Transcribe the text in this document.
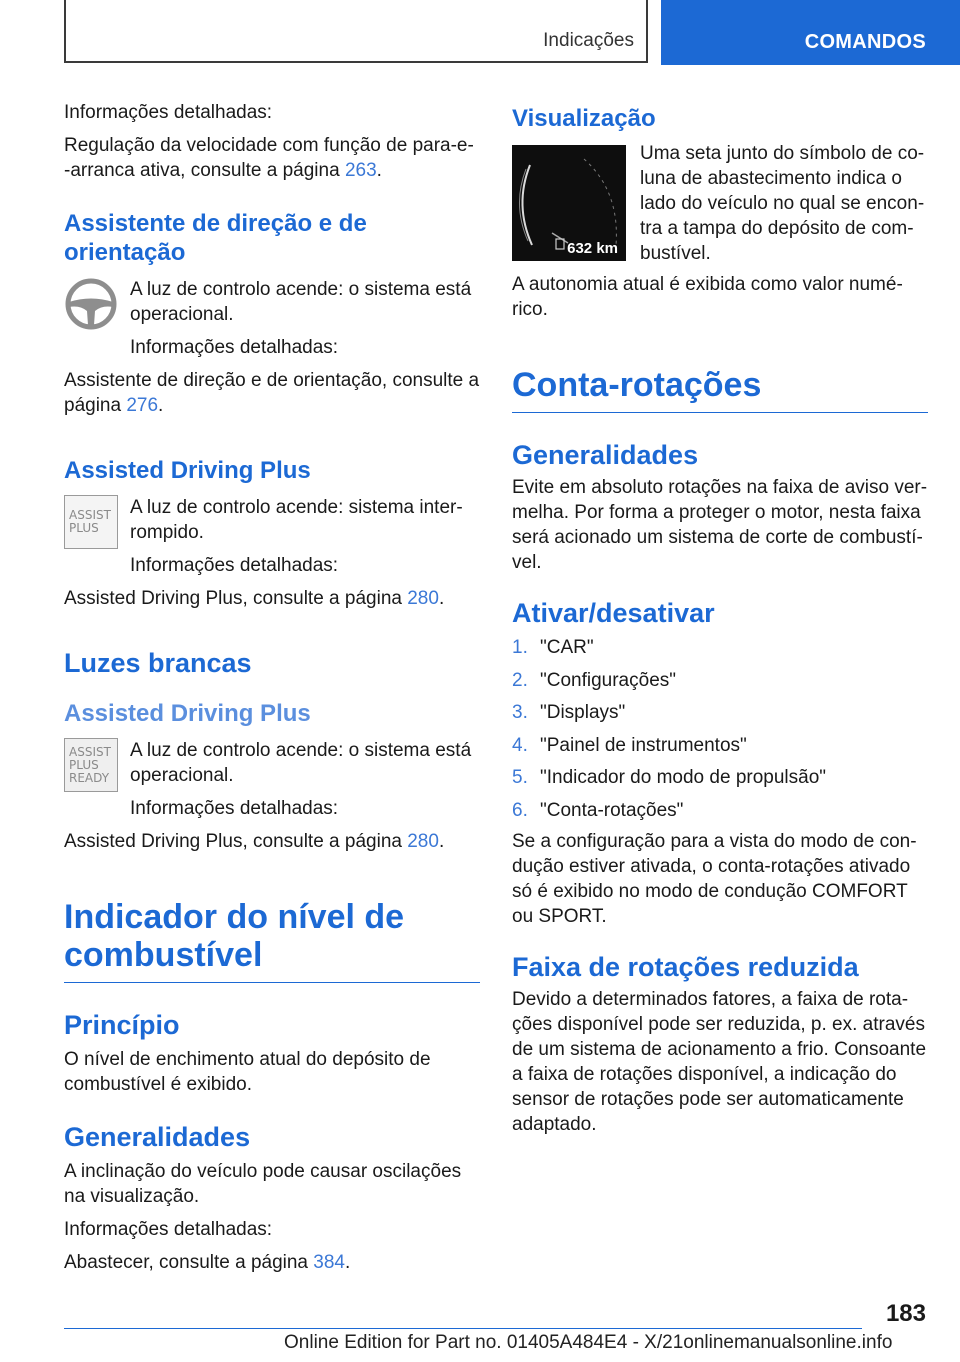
Indicações	COMANDOS

Informações detalhadas:

Regulação da velocidade com função de para-e-
-arranca ativa, consulte a página 263.

Assistente de direção e de orientação

A luz de controlo acende: o sistema está operacional.

Informações detalhadas:

Assistente de direção e de orientação, consulte a página 276.

Assisted Driving Plus
ASSIST
PLUS

A luz de controlo acende: sistema inter-rompido.

Informações detalhadas:

Assisted Driving Plus, consulte a página 280.

Luzes brancas
Assisted Driving Plus
ASSIST
PLUS
READY

A luz de controlo acende: o sistema está operacional.

Informações detalhadas:

Assisted Driving Plus, consulte a página 280.

Indicador do nível de combustível
Princípio

O nível de enchimento atual do depósito de combustível é exibido.

Generalidades

A inclinação do veículo pode causar oscilações na visualização.

Informações detalhadas:

Abastecer, consulte a página 384.

Visualização
632 km

Uma seta junto do símbolo de co-luna de abastecimento indica o lado do veículo no qual se encon-tra a tampa do depósito de com-bustível.

A autonomia atual é exibida como valor numé-rico.

Conta-rotações
Generalidades

Evite em absoluto rotações na faixa de aviso ver-melha. Por forma a proteger o motor, nesta faixa será acionado um sistema de corte de combustí-vel.

Ativar/desativar
1. "CAR"
2. "Configurações"
3. "Displays"
4. "Painel de instrumentos"
5. "Indicador do modo de propulsão"
6. "Conta-rotações"

Se a configuração para a vista do modo de con-dução estiver ativada, o conta-rotações ativado só é exibido no modo de condução COMFORT ou SPORT.

Faixa de rotações reduzida

Devido a determinados fatores, a faixa de rota-ções disponível pode ser reduzida, p. ex. através de um sistema de acionamento a frio. Consoante a faixa de rotações disponível, a indicação do sensor de rotações pode ser automaticamente adaptado.

183
Online Edition for Part no. 01405A484E4 - X/21onlinemanualsonline.info
